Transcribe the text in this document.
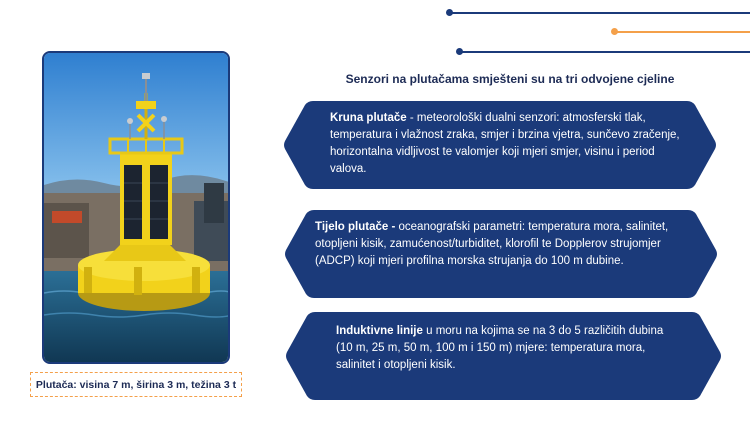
Plutača: visina 7 m, širina 3 m, težina 3 t
Senzori na plutačama smješteni su na tri odvojene cjeline
Kruna plutače - meteorološki dualni senzori: atmosferski tlak, temperatura i vlažnost zraka, smjer i brzina vjetra, sunčevo zračenje, horizontalna vidljivost te valomjer koji mjeri smjer, visinu i period valova.
Tijelo plutače - oceanografski parametri: temperatura mora, salinitet, otopljeni kisik, zamućenost/turbiditet, klorofil te Dopplerov strujomjer (ADCP) koji mjeri profilna morska strujanja do 100 m dubine.
Induktivne linije u moru na kojima se na 3 do 5 različitih dubina (10 m, 25 m, 50 m, 100 m i 150 m) mjere: temperatura mora, salinitet i otopljeni kisik.
